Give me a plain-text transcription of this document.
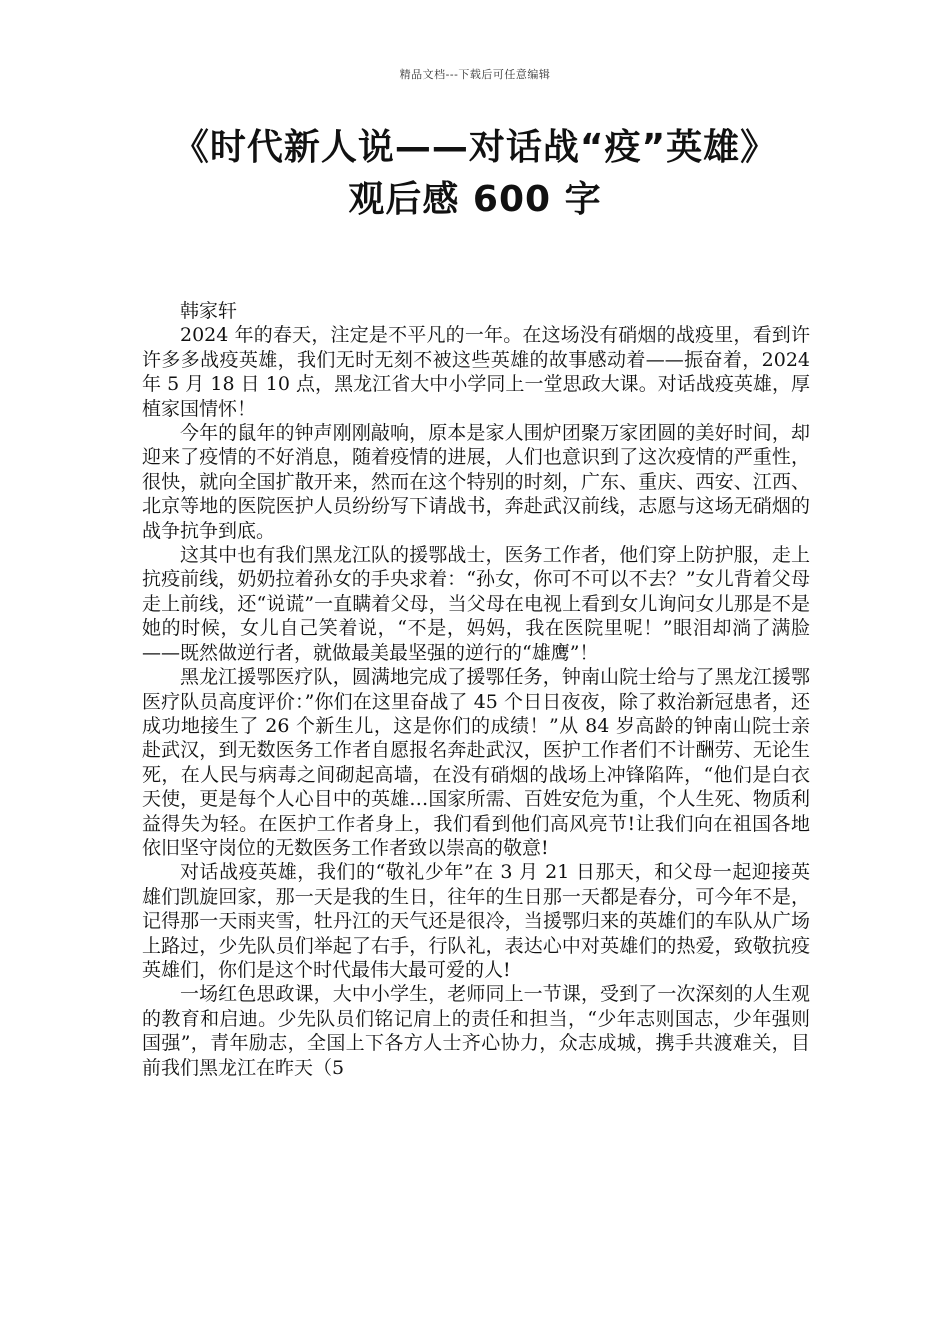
精品文档---下载后可任意编辑
《时代新人说——对话战“疫”英雄》
观后感 600 字

韩家轩

2024 年的春天，注定是不平凡的一年。在这场没有硝烟的战疫里，看到许许多多战疫英雄，我们无时无刻不被这些英雄的故事感动着——振奋着，2024 年 5 月 18 日 10 点，黑龙江省大中小学同上一堂思政大课。对话战疫英雄，厚植家国情怀！

今年的鼠年的钟声刚刚敲响，原本是家人围炉团聚万家团圆的美好时间，却迎来了疫情的不好消息，随着疫情的进展，人们也意识到了这次疫情的严重性，很快，就向全国扩散开来，然而在这个特别的时刻，广东、重庆、西安、江西、北京等地的医院医护人员纷纷写下请战书，奔赴武汉前线，志愿与这场无硝烟的战争抗争到底。

这其中也有我们黑龙江队的援鄂战士，医务工作者，他们穿上防护服，走上抗疫前线，奶奶拉着孙女的手央求着：“孙女，你可不可以不去？”女儿背着父母走上前线，还“说谎”一直瞒着父母，当父母在电视上看到女儿询问女儿那是不是她的时候，女儿自己笑着说，“不是，妈妈，我在医院里呢！”眼泪却淌了满脸——既然做逆行者，就做最美最坚强的逆行的“雄鹰”！

黑龙江援鄂医疗队，圆满地完成了援鄂任务，钟南山院士给与了黑龙江援鄂医疗队员高度评价：”你们在这里奋战了 45 个日日夜夜，除了救治新冠患者，还成功地接生了 26 个新生儿，这是你们的成绩！”从 84 岁高龄的钟南山院士亲赴武汉，到无数医务工作者自愿报名奔赴武汉，医护工作者们不计酬劳、无论生死，在人民与病毒之间砌起高墙，在没有硝烟的战场上冲锋陷阵，“他们是白衣天使，更是每个人心目中的英雄…国家所需、百姓安危为重，个人生死、物质利益得失为轻。在医护工作者身上，我们看到他们高风亮节!让我们向在祖国各地依旧坚守岗位的无数医务工作者致以崇高的敬意!

对话战疫英雄，我们的“敬礼少年”在 3 月 21 日那天，和父母一起迎接英雄们凯旋回家，那一天是我的生日，往年的生日那一天都是春分，可今年不是，记得那一天雨夹雪，牡丹江的天气还是很冷，当援鄂归来的英雄们的车队从广场上路过，少先队员们举起了右手，行队礼，表达心中对英雄们的热爱，致敬抗疫英雄们，你们是这个时代最伟大最可爱的人!

一场红色思政课，大中小学生，老师同上一节课，受到了一次深刻的人生观的教育和启迪。少先队员们铭记肩上的责任和担当，“少年志则国志，少年强则国强”，青年励志，全国上下各方人士齐心协力，众志成城，携手共渡难关，目前我们黑龙江在昨天（5
